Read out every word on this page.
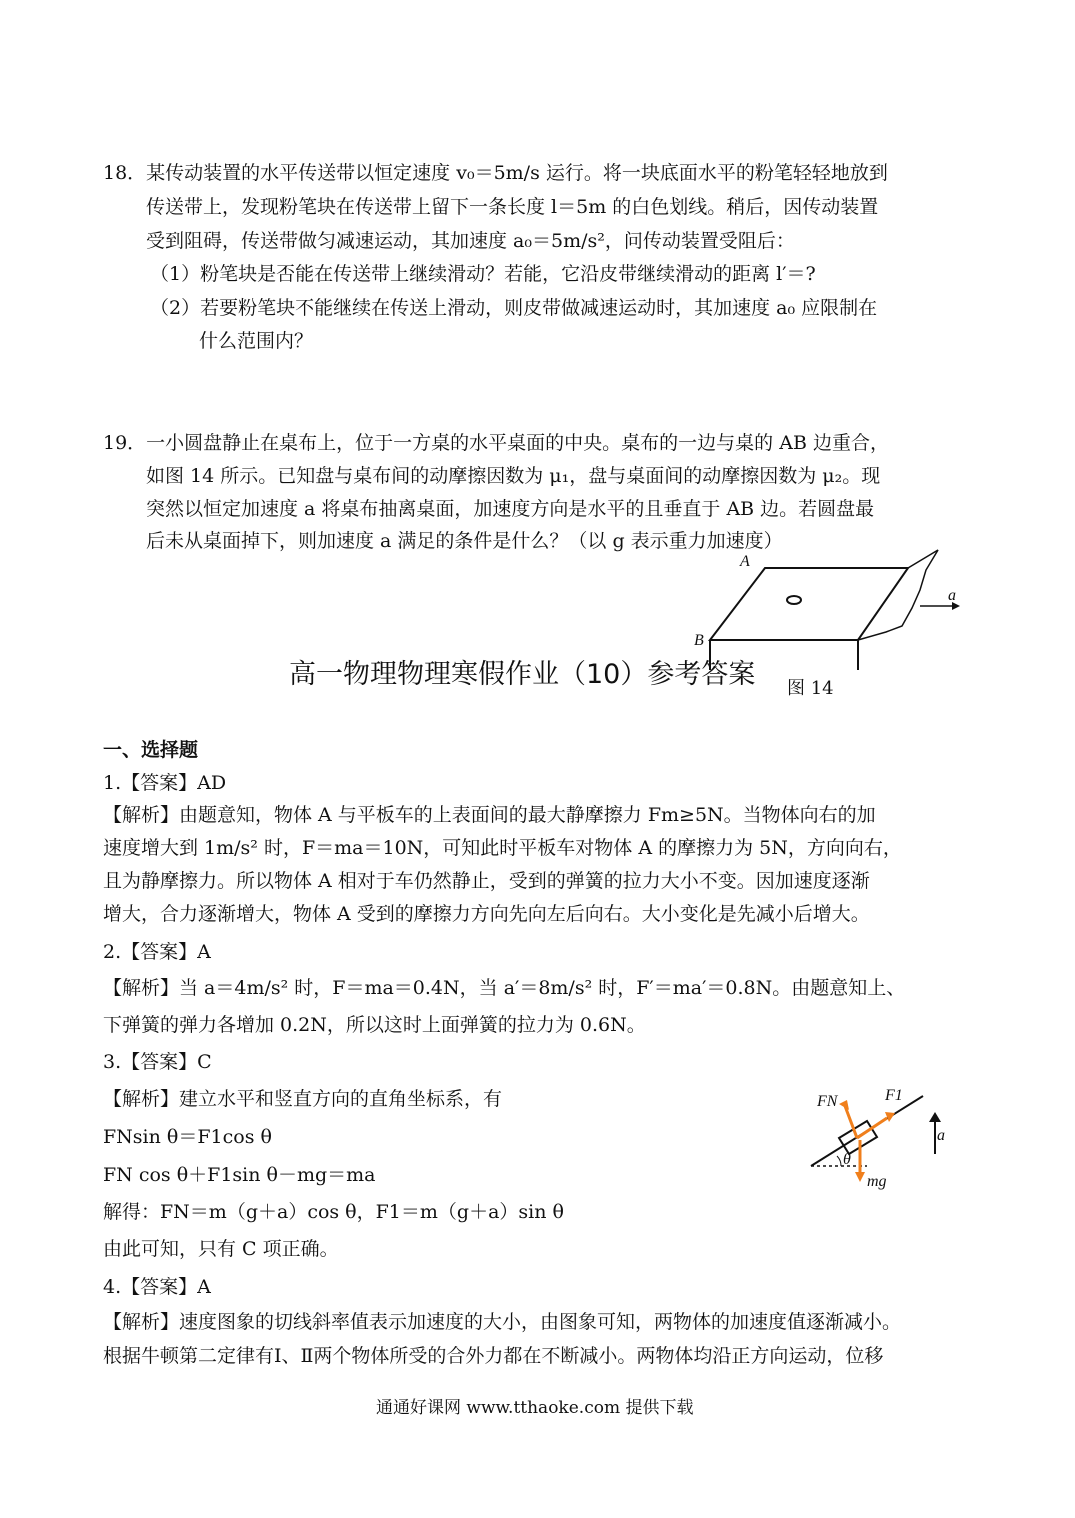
18．某传动装置的水平传送带以恒定速度 v₀＝5m/s 运行。将一块底面水平的粉笔轻轻地放到
传送带上，发现粉笔块在传送带上留下一条长度 l＝5m 的白色划线。稍后，因传动装置
受到阻碍，传送带做匀减速运动，其加速度 a₀＝5m/s²，问传动装置受阻后：
（1）粉笔块是否能在传送带上继续滑动？若能，它沿皮带继续滑动的距离 l′＝?
（2）若要粉笔块不能继续在传送上滑动，则皮带做减速运动时，其加速度 a₀ 应限制在
什么范围内？
19．一小圆盘静止在桌布上，位于一方桌的水平桌面的中央。桌布的一边与桌的 AB 边重合，
如图 14 所示。已知盘与桌布间的动摩擦因数为 μ₁，盘与桌面间的动摩擦因数为 μ₂。现
突然以恒定加速度 a 将桌布抽离桌面，加速度方向是水平的且垂直于 AB 边。若圆盘最
后未从桌面掉下，则加速度 a 满足的条件是什么？（以 g 表示重力加速度）
A
B
a
图 14
高一物理物理寒假作业（10）参考答案
一、选择题
1.【答案】AD
【解析】由题意知，物体 A 与平板车的上表面间的最大静摩擦力 Fm≥5N。当物体向右的加
速度增大到 1m/s² 时，F＝ma＝10N，可知此时平板车对物体 A 的摩擦力为 5N，方向向右，
且为静摩擦力。所以物体 A 相对于车仍然静止，受到的弹簧的拉力大小不变。因加速度逐渐
增大，合力逐渐增大，物体 A 受到的摩擦力方向先向左后向右。大小变化是先减小后增大。
2.【答案】A
【解析】当 a＝4m/s² 时，F＝ma＝0.4N，当 a′＝8m/s² 时，F′＝ma′＝0.8N。由题意知上、
下弹簧的弹力各增加 0.2N，所以这时上面弹簧的拉力为 0.6N。
3.【答案】C
【解析】建立水平和竖直方向的直角坐标系，有
FNsin θ＝F1cos θ
FN cos θ＋F1sin θ－mg＝ma
解得：FN＝m（g＋a）cos θ，F1＝m（g＋a）sin θ
由此可知，只有 C 项正确。
FN	F1
a
θ
mg
4.【答案】A
【解析】速度图象的切线斜率值表示加速度的大小，由图象可知，两物体的加速度值逐渐减小。
根据牛顿第二定律有Ⅰ、Ⅱ两个物体所受的合外力都在不断减小。两物体均沿正方向运动，位移
通通好课网 www.tthaoke.com 提供下载
